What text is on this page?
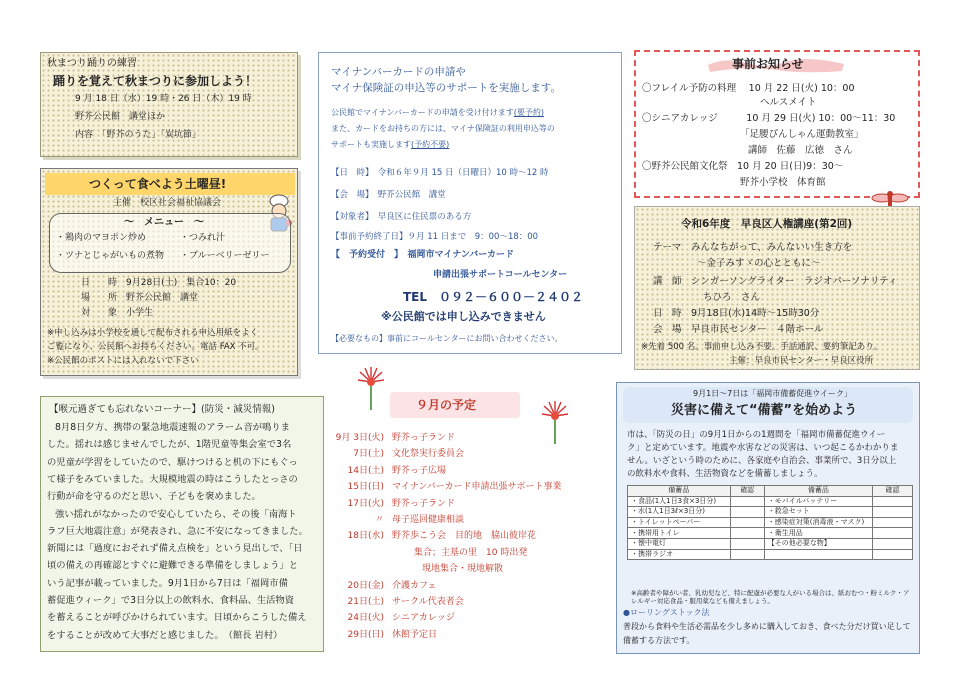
秋まつり踊りの練習
踊りを覚えて秋まつりに参加しよう！
9 月 18 日（水）19 時・26 日（木）19 時
野芥公民館　講堂ほか
内容　「野芥のうた」「炭坑節」
つくって食べよう土曜昼!
主催　校区社会福祉協議会
～　メニュー　～
・鶏肉のマヨポン炒め	・つみれ汁
・ツナとじゃがいもの煮物 ・ブルーベリーゼリー
日　　時　9月28日(土)　集合10：20
場　　所　野芥公民館　講堂
対　　象　小学生
※申し込みは小学校を通して配布される申込用紙をよく
ご覧になり、公民館へお持ちください。電話 FAX 不可。
※公民館のポストには入れないで下さい
マイナンバーカードの申請や
マイナ保険証の申込等のサポートを実施します。
公民館でマイナンバーカードの申請を受け付けます(要予約)
また、カードをお持ちの方には、マイナ保険証の利用申込等の
サポートも実施します(予約不要)
【日　時】　令和６年９月 15 日（日曜日）10 時～12 時
【会　場】　野芥公民館　講堂
【対象者】　早良区に住民票のある方
【事前予約終了日】９月 11 日まで　9：00～18：00
【　予約受付　】　福岡市マイナンバーカード
申請出張サポートコールセンター
TEL　０９２－６００－２４０２
※公民館では申し込みできません
【必要なもの】事前にコールセンターにお問い合わせください。
事前お知らせ
〇フレイル予防の料理　 10 月 22 日(火) 10：00
ヘルスメイト
〇シニアカレッジ　　　10 月 29 日(火) 10：00～11：30
「足腰ぴんしゃん運動教室」
講師　佐藤　広徳　さん
〇野芥公民館文化祭　10 月 20 日(日)9：30～
野芥小学校　体育館
令和6年度　早良区人権講座(第2回)
テーマ　みんなちがって、みんないい生き方を
～金子みすゞの心とともに～
講　師　シンガーソングライター　ラジオパーソナリティ
ちひろ　さん
日　時　9月18日(水)14時～15時30分
会　場　早良市民センター　４階ホール
※先着 500 名。事前申し込み不要。手話通訳、要約筆記あり。
主催：早良市民センター・早良区役所
【喉元過ぎても忘れないコーナー】(防災・減災情報)
8月8日夕方、携帯の緊急地震速報のアラーム音が鳴りま
した。揺れは感じませんでしたが、1階児童等集会室で3名
の児童が学習をしていたので、駆けつけると机の下にもぐっ
て様子をみていました。大規模地震の時はこうしたとっさの
行動が命を守るのだと思い、子どもを褒めました。
強い揺れがなかったので安心していたら、その後「南海ト
ラフ巨大地震注意」が発表され、急に不安になってきました。
新聞には「過度におそれず備え点検を」という見出しで、「日
頃の備えの再確認とすぐに避難できる準備をしましょう」と
いう記事が載っていました。9月1日から7日は「福岡市備
蓄促進ウィーク」で3日分以上の飲料水、食料品、生活物資
を蓄えることが呼びかけられています。日頃からこうした備え
をすることが改めて大事だと感じました。　（館長 岩村）
９月の予定
9月 3日(火) 野芥っ子ランド
7日(土) 文化祭実行委員会
14日(土) 野芥っ子広場
15日(日) マイナンバーカード申請出張サポート事業
17日(火) 野芥っ子ランド
〃 母子巡回健康相談
18日(水) 野芥歩こう会　目的地　脇山彼岸花
集合；主基の里　10 時出発
現地集合・現地解散
20日(金) 介護カフェ
21日(土) サークル代表者会
24日(火) シニアカレッジ
29日(日) 休館予定日
9月1日～7日は「福岡市備蓄促進ウイーク」
災害に備えて“備蓄”を始めよう
市は、「防災の日」の9月1日からの1週間を「福岡市備蓄促進ウイー
ク」と定めています。地震や水害などの災害は、いつ起こるかわかりま
せん。いざという時のために、各家庭や自治会、事業所で、3日分以上
の飲料水や食料、生活物資などを備蓄しましょう。
備蓄品	確認	備蓄品	確認
・食品(1人1日3食×3日分)		・モバイルバッテリー	
・水(1人1日3ℓ×3日分)		・救急セット	
・トイレットペーパー		・感染症対策(消毒液・マスク)	
・携帯用トイレ		・衛生用品	
・懐中電灯		【その他必要な物】	
・携帯ラジオ			
※高齢者や障がい者、乳幼児など、特に配慮が必要な人がいる場合は、紙おむつ・粉ミルク・アレルギー対応食品・服用薬なども備えましょう。
●ローリングストック法
普段から食料や生活必需品を少し多めに購入しておき、食べた分だけ買い足して
備蓄する方法です。
